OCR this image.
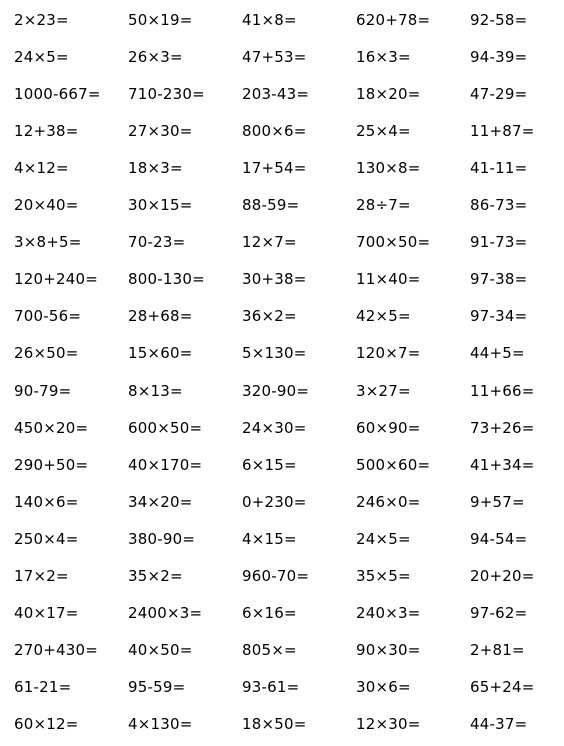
2×23=	50×19=	41×8=	620+78=	92-58=
24×5=	26×3=	47+53=	16×3=	94-39=
1000-667= 710-230= 203-43=	18×20=	47-29=
12+38=	27×30=	800×6=	25×4=	11+87=
4×12=	18×3=	17+54=	130×8=	41-11=
20×40=	30×15=	88-59=	28÷7=	86-73=
3×8+5=	70-23=	12×7=	700×50=	91-73=
120+240= 800-130= 30+38=	11×40=	97-38=
700-56=	28+68=	36×2=	42×5=	97-34=
26×50=	15×60=	5×130=	120×7=	44+5=
90-79=	8×13=	320-90=	3×27=	11+66=
450×20=	600×50=	24×30=	60×90=	73+26=
290+50=	40×170=	6×15=	500×60=	41+34=
140×6=	34×20=	0+230=	246×0=	9+57=
250×4=	380-90=	4×15=	24×5=	94-54=
17×2=	35×2=	960-70=	35×5=	20+20=
40×17=	2400×3=	6×16=	240×3=	97-62=
270+430= 40×50=	805×=	90×30=	2+81=
61-21=	95-59=	93-61=	30×6=	65+24=
60×12=	4×130=	18×50=	12×30=	44-37=
